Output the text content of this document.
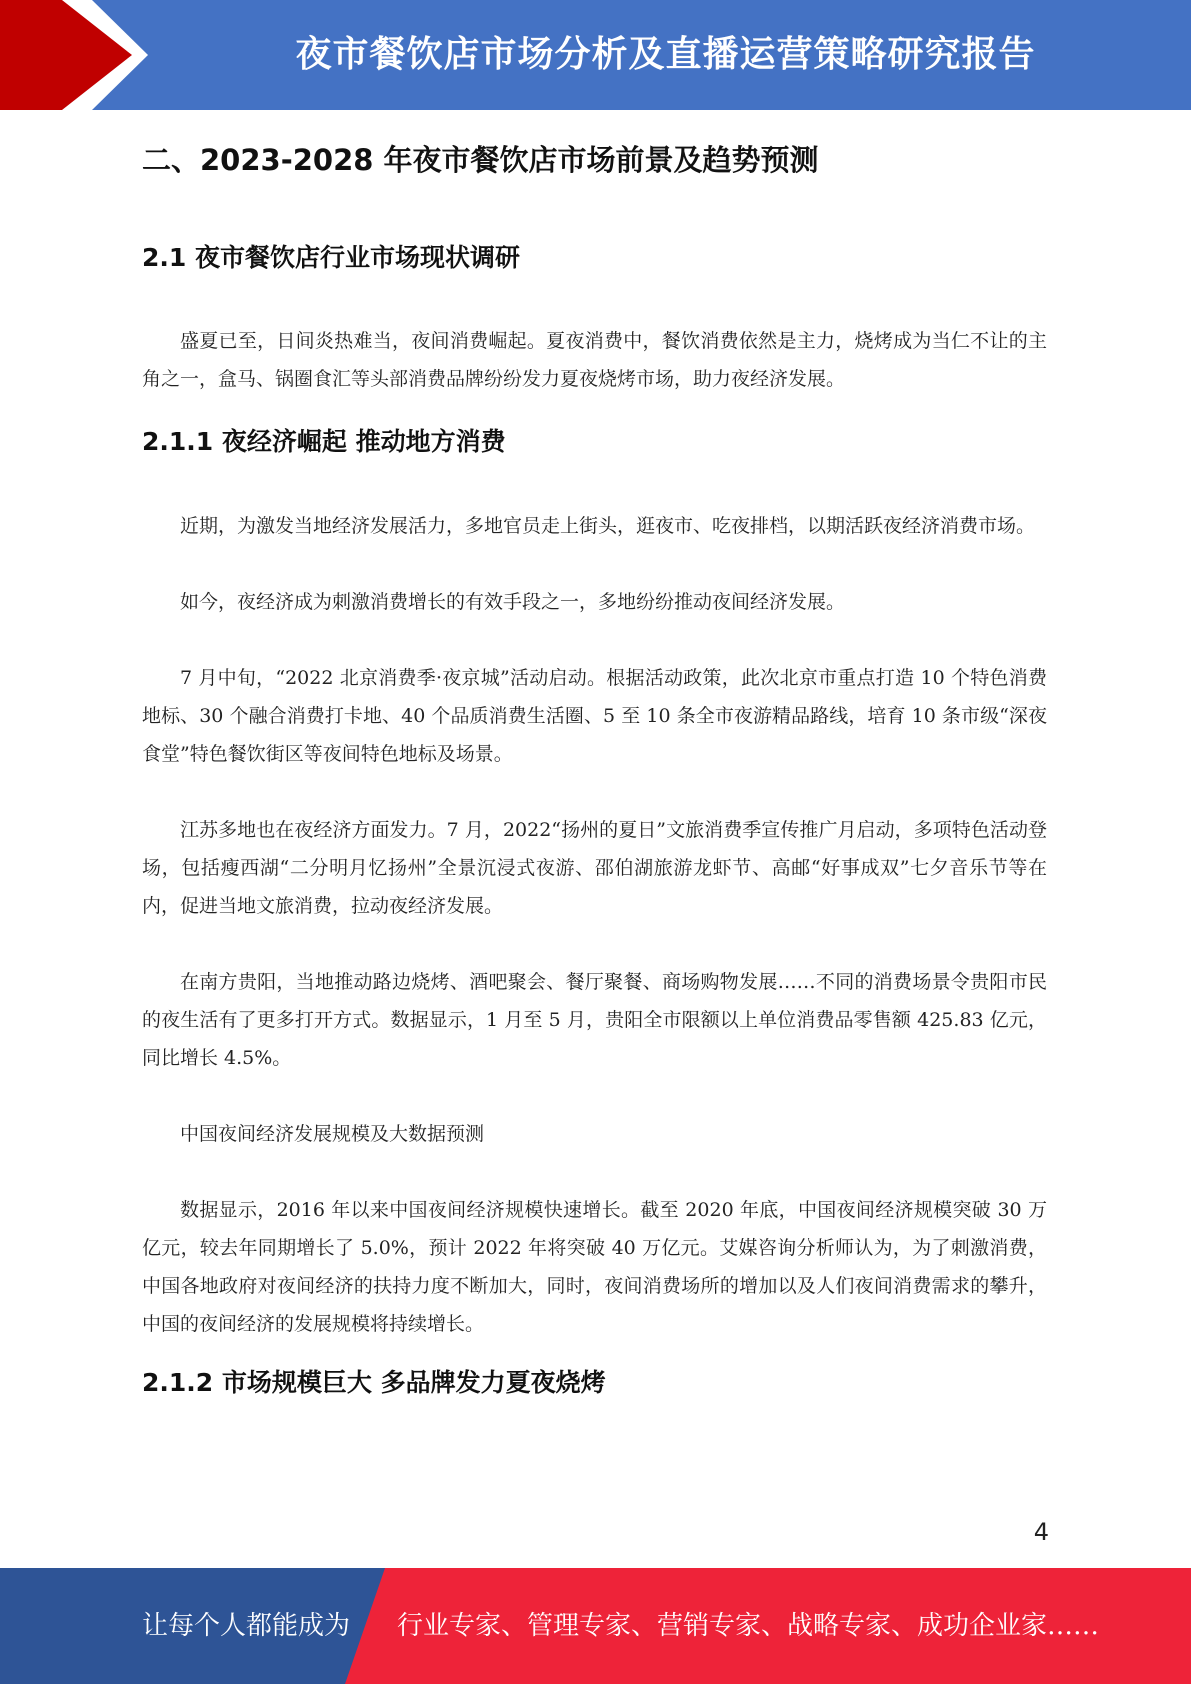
夜市餐饮店市场分析及直播运营策略研究报告
二、2023-2028 年夜市餐饮店市场前景及趋势预测
2.1 夜市餐饮店行业市场现状调研

盛夏已至，日间炎热难当，夜间消费崛起。夏夜消费中，餐饮消费依然是主力，烧烤成为当仁不让的主角之一，盒马、锅圈食汇等头部消费品牌纷纷发力夏夜烧烤市场，助力夜经济发展。

2.1.1 夜经济崛起 推动地方消费

近期，为激发当地经济发展活力，多地官员走上街头，逛夜市、吃夜排档，以期活跃夜经济消费市场。

如今，夜经济成为刺激消费增长的有效手段之一，多地纷纷推动夜间经济发展。

7 月中旬，“2022 北京消费季·夜京城”活动启动。根据活动政策，此次北京市重点打造 10 个特色消费地标、30 个融合消费打卡地、40 个品质消费生活圈、5 至 10 条全市夜游精品路线，培育 10 条市级“深夜食堂”特色餐饮街区等夜间特色地标及场景。

江苏多地也在夜经济方面发力。7 月，2022“扬州的夏日”文旅消费季宣传推广月启动，多项特色活动登场，包括瘦西湖“二分明月忆扬州”全景沉浸式夜游、邵伯湖旅游龙虾节、高邮“好事成双”七夕音乐节等在内，促进当地文旅消费，拉动夜经济发展。

在南方贵阳，当地推动路边烧烤、酒吧聚会、餐厅聚餐、商场购物发展……不同的消费场景令贵阳市民的夜生活有了更多打开方式。数据显示，1 月至 5 月，贵阳全市限额以上单位消费品零售额 425.83 亿元，同比增长 4.5%。

中国夜间经济发展规模及大数据预测

数据显示，2016 年以来中国夜间经济规模快速增长。截至 2020 年底，中国夜间经济规模突破 30 万亿元，较去年同期增长了 5.0%，预计 2022 年将突破 40 万亿元。艾媒咨询分析师认为，为了刺激消费，中国各地政府对夜间经济的扶持力度不断加大，同时，夜间消费场所的增加以及人们夜间消费需求的攀升，中国的夜间经济的发展规模将持续增长。

2.1.2 市场规模巨大 多品牌发力夏夜烧烤
4
让每个人都能成为 行业专家、管理专家、营销专家、战略专家、成功企业家……
